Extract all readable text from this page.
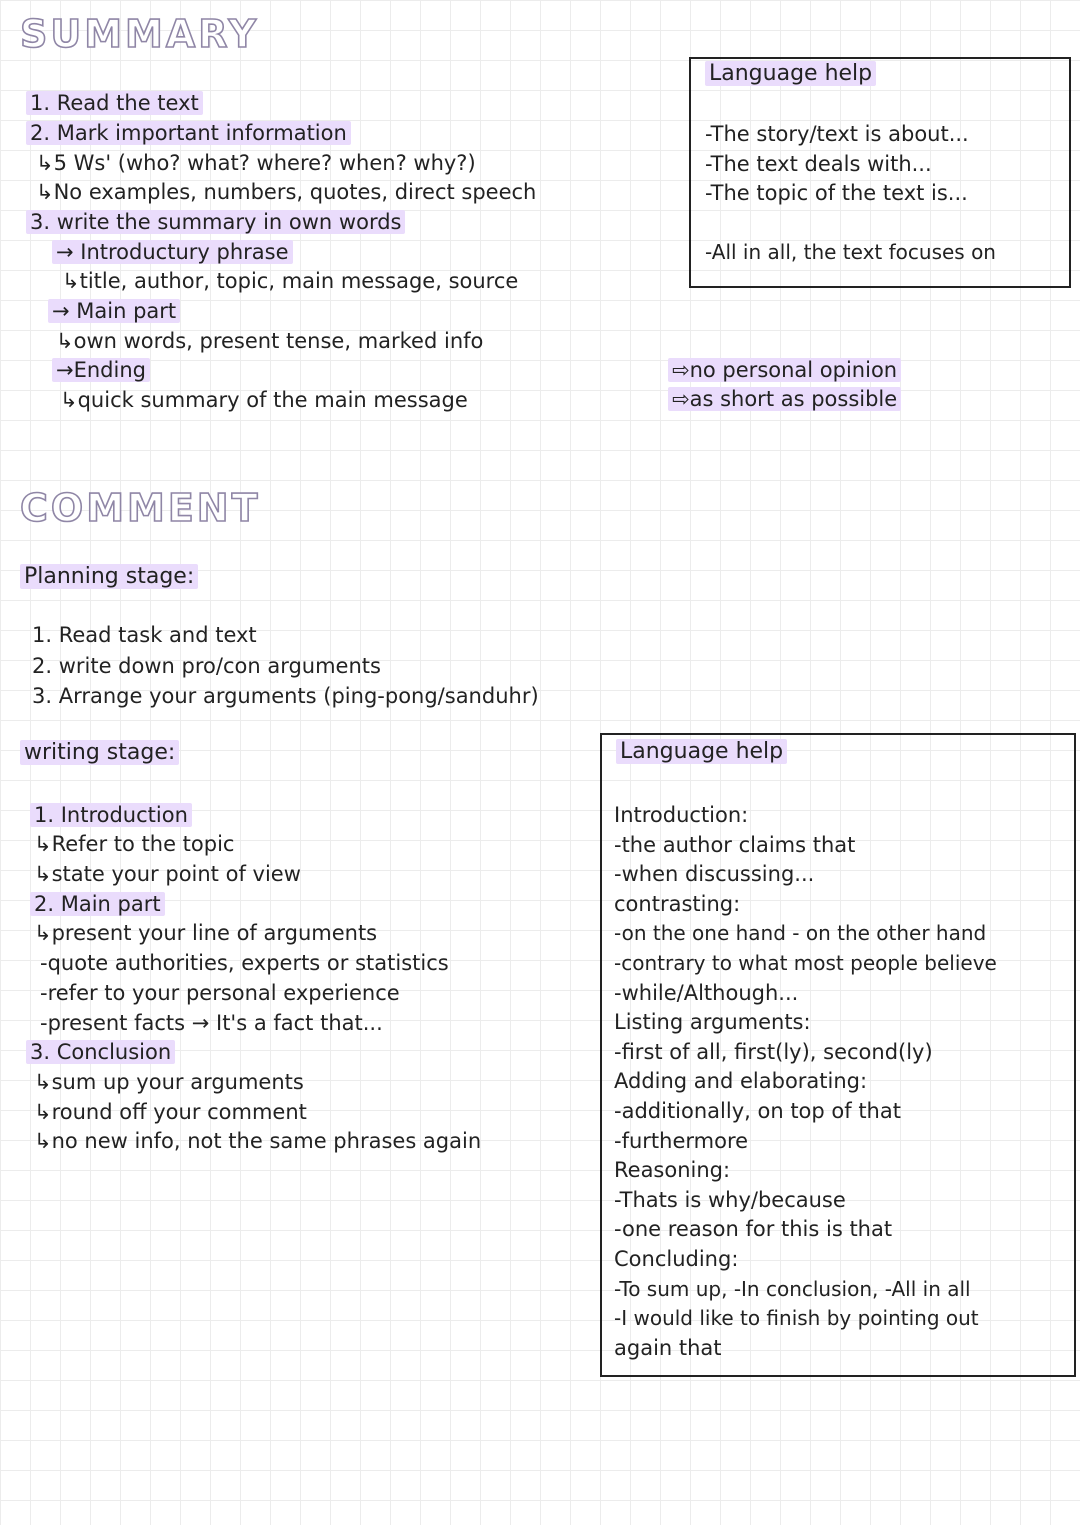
SUMMARY
1. Read the text
2. Mark important information
↳5 Ws' (who? what? where? when? why?)
↳No examples, numbers, quotes, direct speech
3. write the summary in own words
→ Introductury phrase
↳title, author, topic, main message, source
→ Main part
↳own words, present tense, marked info
→Ending
↳quick summary of the main message
Language help
-The story/text is about...
-The text deals with...
-The topic of the text is...
-All in all, the text focuses on
⇨no personal opinion
⇨as short as possible
COMMENT
Planning stage:
1. Read task and text
2. write down pro/con arguments
3. Arrange your arguments (ping-pong/sanduhr)
writing stage:
1. Introduction
↳Refer to the topic
↳state your point of view
2. Main part
↳present your line of arguments
-quote authorities, experts or statistics
-refer to your personal experience
-present facts → It's a fact that...
3. Conclusion
↳sum up your arguments
↳round off your comment
↳no new info, not the same phrases again
Language help
Introduction:
-the author claims that
-when discussing...
contrasting:
-on the one hand - on the other hand
-contrary to what most people believe
-while/Although...
Listing arguments:
-first of all, first(ly), second(ly)
Adding and elaborating:
-additionally, on top of that
-furthermore
Reasoning:
-Thats is why/because
-one reason for this is that
Concluding:
-To sum up, -In conclusion, -All in all
-I would like to finish by pointing out
again that
